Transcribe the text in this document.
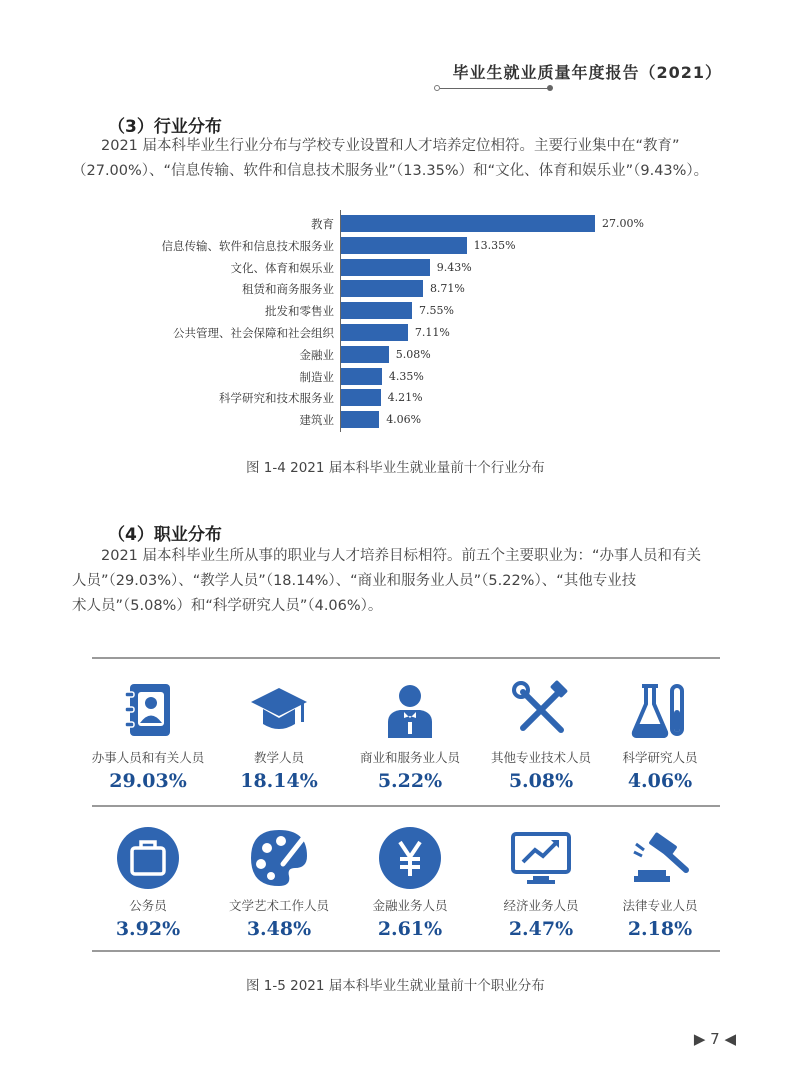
毕业生就业质量年度报告（2021）
（3）行业分布
2021 届本科毕业生行业分布与学校专业设置和人才培养定位相符。主要行业集中在“教育”
（27.00%）、“信息传输、软件和信息技术服务业”（13.35%）和“文化、体育和娱乐业”（9.43%）。
教育	27.00%
信息传输、软件和信息技术服务业	13.35%
文化、体育和娱乐业	9.43%
租赁和商务服务业	8.71%
批发和零售业	7.55%
公共管理、社会保障和社会组织	7.11%
金融业	5.08%
制造业	4.35%
科学研究和技术服务业	4.21%
建筑业	4.06%
图 1-4 2021 届本科毕业生就业量前十个行业分布
（4）职业分布
2021 届本科毕业生所从事的职业与人才培养目标相符。前五个主要职业为：“办事人员和有关
人员”（29.03%）、“教学人员”（18.14%）、“商业和服务业人员”（5.22%）、“其他专业技
术人员”（5.08%）和“科学研究人员”（4.06%）。
办事人员和有关人员
29.03%
教学人员
18.14%
商业和服务业人员
5.22%
其他专业技术人员
5.08%
科学研究人员
4.06%
公务员
3.92%
文学艺术工作人员
3.48%
金融业务人员
2.61%
经济业务人员
2.47%
法律专业人员
2.18%
图 1-5 2021 届本科毕业生就业量前十个职业分布
▶ 7 ◀
